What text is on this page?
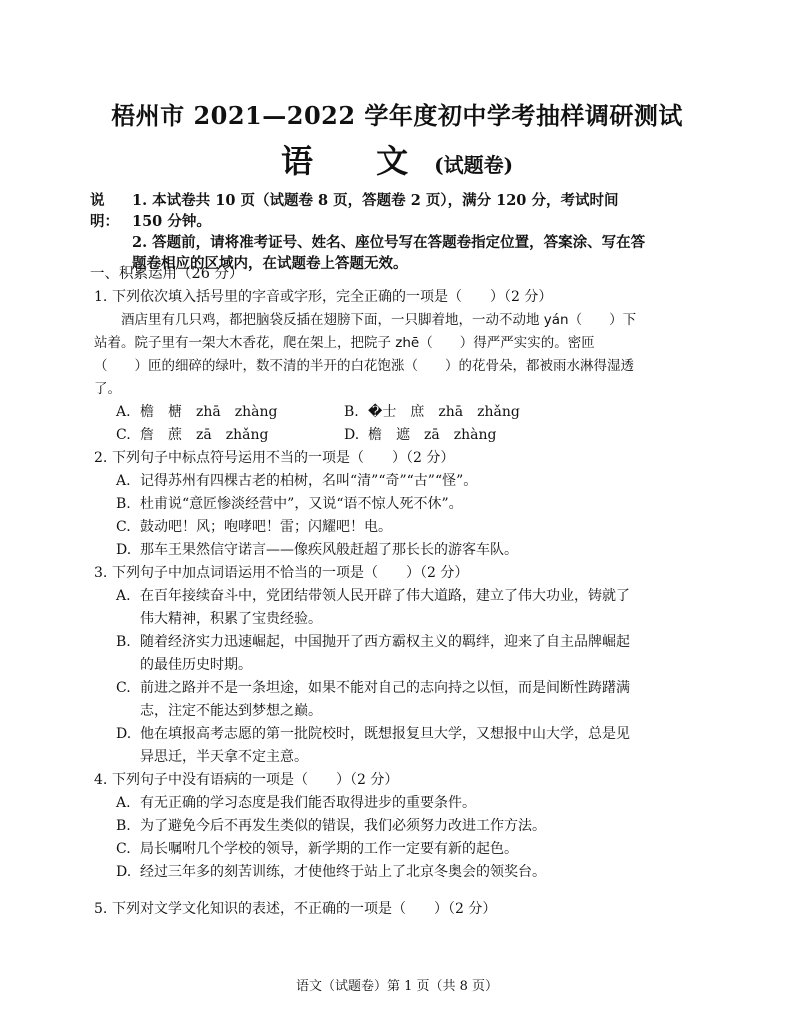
梧州市 2021—2022 学年度初中学考抽样调研测试
语 文(试题卷)
说明：
1. 本试卷共 10 页（试题卷 8 页，答题卷 2 页），满分 120 分，考试时间 150 分钟。
2. 答题前，请将准考证号、姓名、座位号写在答题卷指定位置，答案涂、写在答题卷相应的区域内，在试题卷上答题无效。
一、积累运用（26 分）
1. 下列依次填入括号里的字音或字形，完全正确的一项是（　　）（2 分）
酒店里有几只鸡，都把脑袋反插在翅膀下面，一只脚着地，一动不动地 yán（　　）下站着。院子里有一架大木香花，爬在架上，把院子 zhē（　　）得严严实实的。密匝（　　）匝的细碎的绿叶，数不清的半开的白花饱涨（　　）的花骨朵，都被雨水淋得湿透了。
A. 檐　榶　zhā　zhàng	B. �士　庶　zhā　zhǎng
C. 詹　蔗　zā　zhǎng	D. 檐　遮　zā　zhàng
2. 下列句子中标点符号运用不当的一项是（　　）（2 分）
A. 记得苏州有四棵古老的柏树，名叫“清”“奇”“古”“怪”。
B. 杜甫说“意匠惨淡经营中”，又说“语不惊人死不休”。
C. 鼓动吧！风；咆哮吧！雷；闪耀吧！电。
D. 那车王果然信守诺言——像疾风般赶超了那长长的游客车队。
3. 下列句子中加点词语运用不恰当的一项是（　　）（2 分）
A. 在百年接续奋斗中，党团结带领人民开辟了伟大道路，建立了伟大功业，铸就了伟大精神，积累了宝贵经验。
B. 随着经济实力迅速崛起，中国抛开了西方霸权主义的羁绊，迎来了自主品牌崛起的最佳历史时期。
C. 前进之路并不是一条坦途，如果不能对自己的志向持之以恒，而是间断性踌躇满志，注定不能达到梦想之巅。
D. 他在填报高考志愿的第一批院校时，既想报复旦大学，又想报中山大学，总是见异思迁，半天拿不定主意。
4. 下列句子中没有语病的一项是（　　）（2 分）
A. 有无正确的学习态度是我们能否取得进步的重要条件。
B. 为了避免今后不再发生类似的错误，我们必须努力改进工作方法。
C. 局长嘱咐几个学校的领导，新学期的工作一定要有新的起色。
D. 经过三年多的刻苦训练，才使他终于站上了北京冬奥会的领奖台。
5. 下列对文学文化知识的表述，不正确的一项是（　　）（2 分）
语文（试题卷）第 1 页（共 8 页）
